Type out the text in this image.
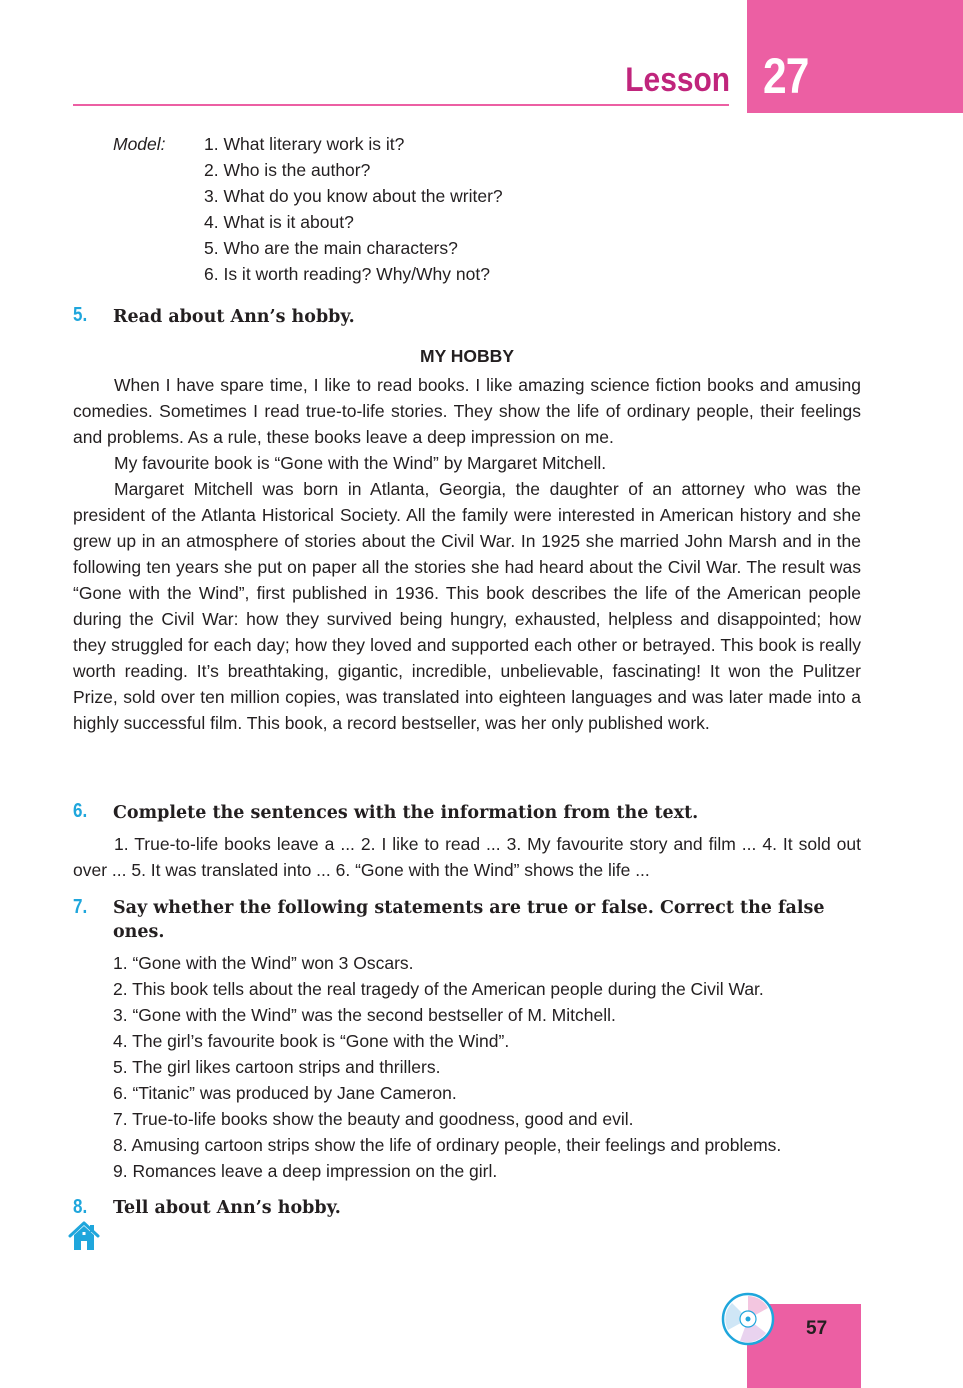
Lesson 27
Model: 1. What literary work is it?
2. Who is the author?
3. What do you know about the writer?
4. What is it about?
5. Who are the main characters?
6. Is it worth reading? Why/Why not?
5. Read about Ann’s hobby.
MY HOBBY

When I have spare time, I like to read books. I like amazing science fiction books and amusing comedies. Sometimes I read true-to-life stories. They show the life of ordinary people, their feelings and problems. As a rule, these books leave a deep impression on me.

My favourite book is “Gone with the Wind” by Margaret Mitchell.

Margaret Mitchell was born in Atlanta, Georgia, the daughter of an attorney who was the president of the Atlanta Historical Society. All the family were interested in American history and she grew up in an atmosphere of stories about the Civil War. In 1925 she married John Marsh and in the following ten years she put on paper all the stories she had heard about the Civil War. The result was “Gone with the Wind”, first published in 1936. This book describes the life of the American people during the Civil War: how they survived being hungry, exhausted, helpless and disappointed; how they struggled for each day; how they loved and supported each other or betrayed. This book is really worth reading. It’s breathtaking, gigantic, incredible, unbelievable, fascinating! It won the Pulitzer Prize, sold over ten million copies, was translated into eighteen languages and was later made into a highly successful film. This book, a record bestseller, was her only published work.

6. Complete the sentences with the information from the text.

1. True-to-life books leave a ... 2. I like to read ... 3. My favourite story and film ... 4. It sold out over ... 5. It was translated into ... 6. “Gone with the Wind” shows the life ...

7. Say whether the following statements are true or false. Correct the false ones.
1. “Gone with the Wind” won 3 Oscars.
2. This book tells about the real tragedy of the American people during the Civil War.
3. “Gone with the Wind” was the second bestseller of M. Mitchell.
4. The girl’s favourite book is “Gone with the Wind”.
5. The girl likes cartoon strips and thrillers.
6. “Titanic” was produced by Jane Cameron.
7. True-to-life books show the beauty and goodness, good and evil.
8. Amusing cartoon strips show the life of ordinary people, their feelings and problems.
9. Romances leave a deep impression on the girl.
8. Tell about Ann’s hobby.
57
